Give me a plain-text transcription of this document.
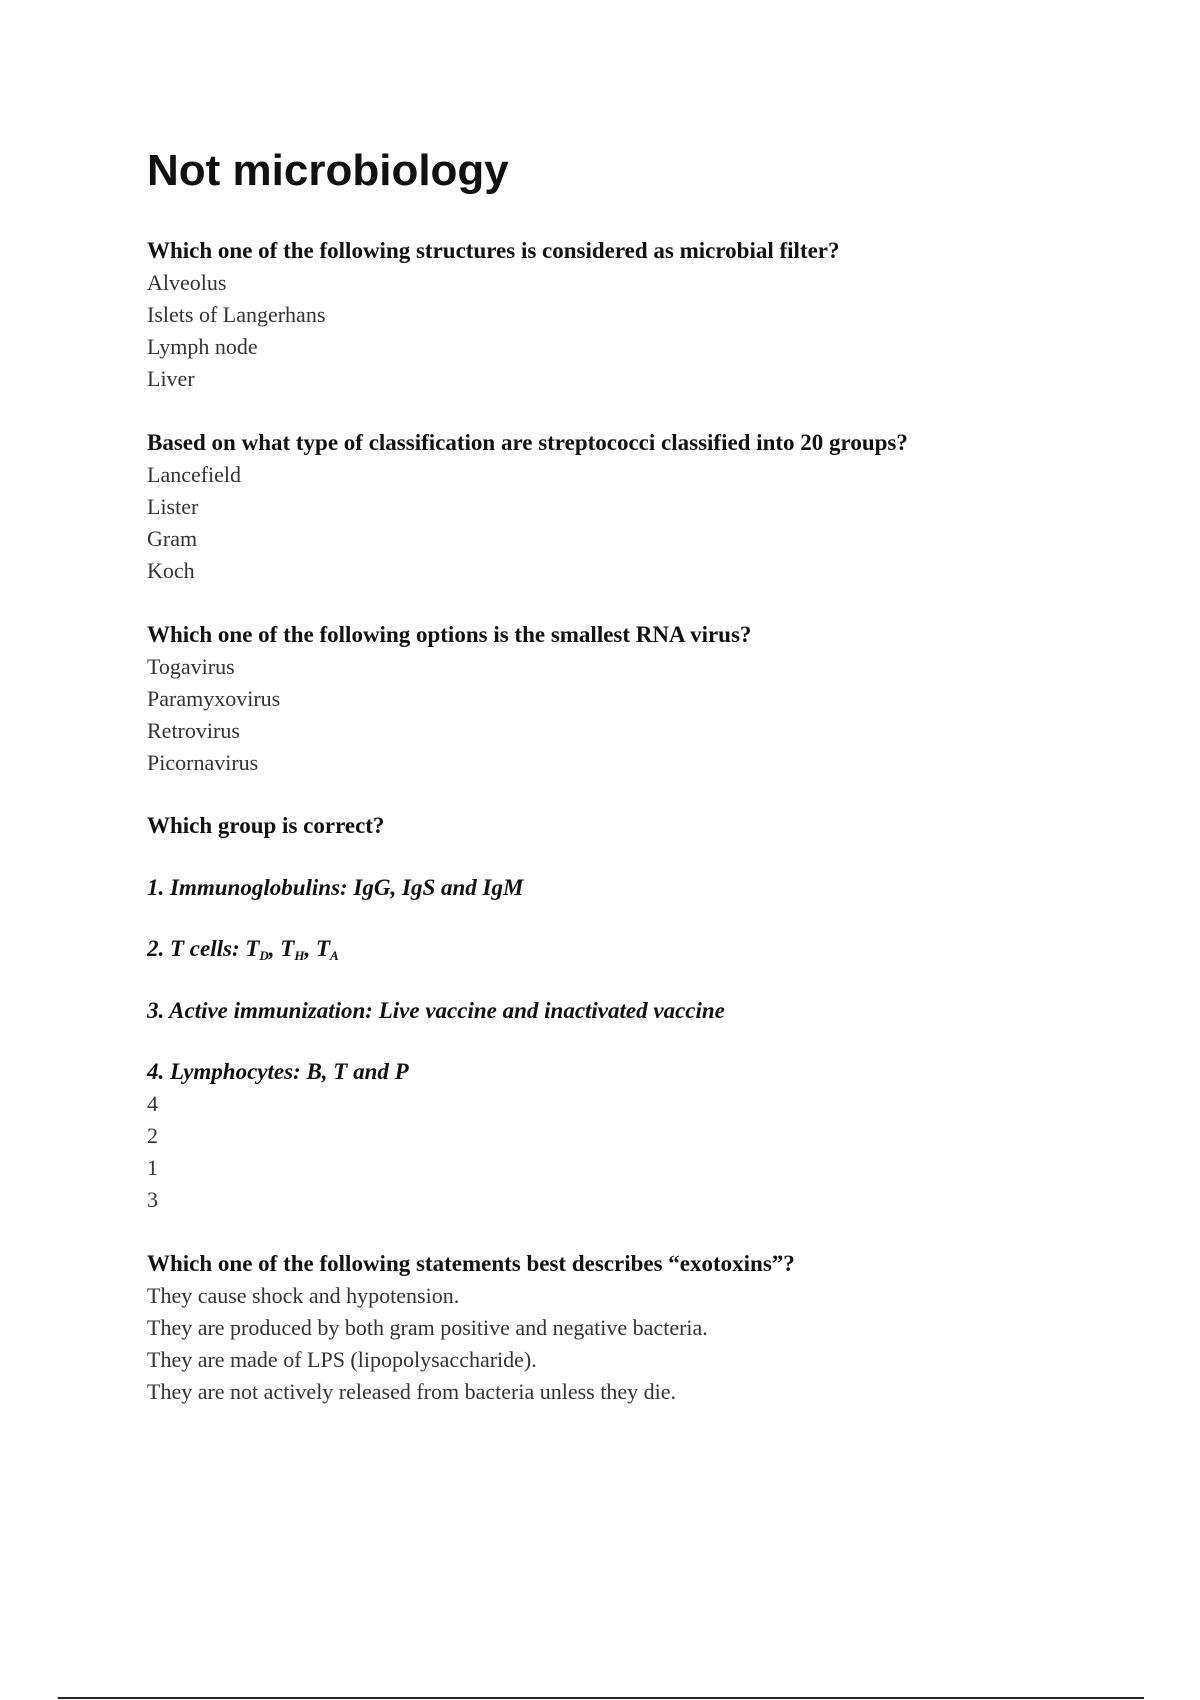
Not microbiology

Which one of the following structures is considered as microbial filter?

Alveolus
Islets of Langerhans
Lymph node
Liver

Based on what type of classification are streptococci classified into 20 groups?

Lancefield
Lister
Gram
Koch

Which one of the following options is the smallest RNA virus?

Togavirus
Paramyxovirus
Retrovirus
Picornavirus

Which group is correct?

1. Immunoglobulins: IgG, IgS and IgM
2. T cells: $T_D$, $T_H$, $T_A$
3. Active immunization: Live vaccine and inactivated vaccine
4. Lymphocytes: B, T and P
4
2
1
3

Which one of the following statements best describes “exotoxins”?

They cause shock and hypotension.
They are produced by both gram positive and negative bacteria.
They are made of LPS (lipopolysaccharide).
They are not actively released from bacteria unless they die.
